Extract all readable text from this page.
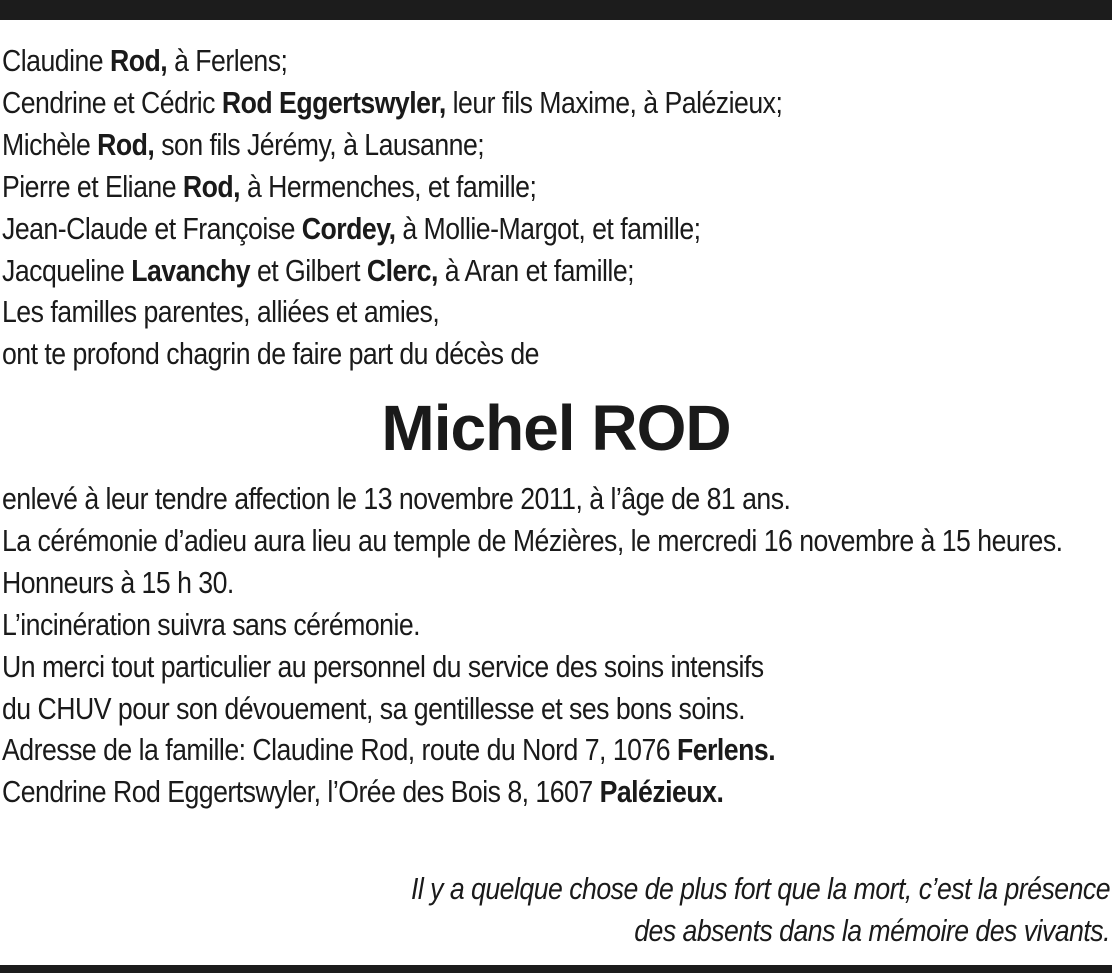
Claudine Rod, à Ferlens;
Cendrine et Cédric Rod Eggertswyler, leur fils Maxime, à Palézieux;
Michèle Rod, son fils Jérémy, à Lausanne;
Pierre et Eliane Rod, à Hermenches, et famille;
Jean-Claude et Françoise Cordey, à Mollie-Margot, et famille;
Jacqueline Lavanchy et Gilbert Clerc, à Aran et famille;
Les familles parentes, alliées et amies,
ont te profond chagrin de faire part du décès de
Michel ROD
enlevé à leur tendre affection le 13 novembre 2011, à l’âge de 81 ans.
La cérémonie d’adieu aura lieu au temple de Mézières, le mercredi 16 novembre à 15 heures.
Honneurs à 15 h 30.
L’incinération suivra sans cérémonie.
Un merci tout particulier au personnel du service des soins intensifs
du CHUV pour son dévouement, sa gentillesse et ses bons soins.
Adresse de la famille: Claudine Rod, route du Nord 7, 1076 Ferlens.
Cendrine Rod Eggertswyler, l’Orée des Bois 8, 1607 Palézieux.
Il y a quelque chose de plus fort que la mort, c’est la présence
des absents dans la mémoire des vivants.
